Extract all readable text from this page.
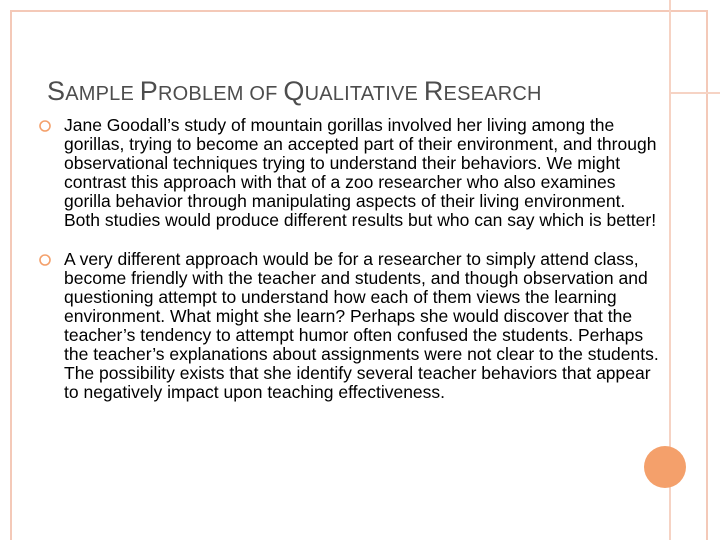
SAMPLE PROBLEM OF QUALITATIVE RESEARCH
Jane Goodall’s study of mountain gorillas involved her living among the gorillas, trying to become an accepted part of their environment, and through observational techniques trying to understand their behaviors. We might contrast this approach with that of a zoo researcher who also examines gorilla behavior through manipulating aspects of their living environment. Both studies would produce different results but who can say which is better!
A very different approach would be for a researcher to simply attend class, become friendly with the teacher and students, and though observation and questioning attempt to understand how each of them views the learning environment. What might she learn? Perhaps she would discover that the teacher’s tendency to attempt humor often confused the students. Perhaps the teacher’s explanations about assignments were not clear to the students. The possibility exists that she identify several teacher behaviors that appear to negatively impact upon teaching effectiveness.
